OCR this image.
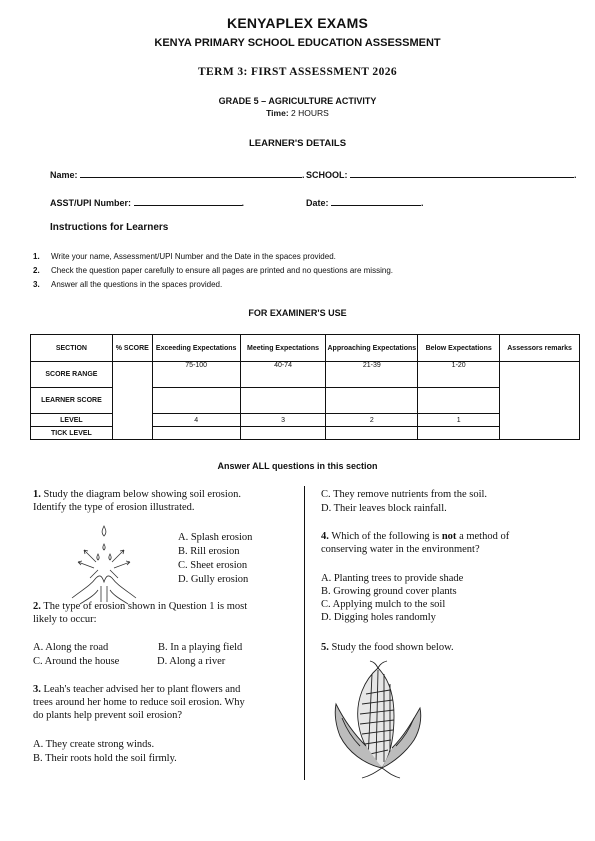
KENYAPLEX EXAMS
KENYA PRIMARY SCHOOL EDUCATION ASSESSMENT
TERM 3: FIRST ASSESSMENT 2026
GRADE 5 – AGRICULTURE ACTIVITY
Time: 2 HOURS
LEARNER'S DETAILS
Name:	. SCHOOL:	.
ASST/UPI Number:	.	Date:	.
Instructions for Learners
1. Write your name, Assessment/UPI Number and the Date in the spaces provided.
2. Check the question paper carefully to ensure all pages are printed and no questions are missing.
3. Answer all the questions in the spaces provided.
FOR EXAMINER'S USE
SECTION	% SCORE	Exceeding Expectations	Meeting Expectations	Approaching Expectations	Below Expectations	Assessors remarks
SCORE RANGE		75-100	40-74	21-39	1-20	
LEARNER SCORE						
LEVEL		4	3	2	1	
TICK LEVEL						
Answer ALL questions in this section
1. Study the diagram below showing soil erosion.
Identify the type of erosion illustrated.
A. Splash erosion
B. Rill erosion
C. Sheet erosion
D. Gully erosion
2. The type of erosion shown in Question 1 is most
likely to occur:
A. Along the road	B. In a playing field
C. Around the house	D. Along a river
3. Leah's teacher advised her to plant flowers and
trees around her home to reduce soil erosion. Why
do plants help prevent soil erosion?
A. They create strong winds.
B. Their roots hold the soil firmly.
C. They remove nutrients from the soil.
D. Their leaves block rainfall.
4. Which of the following is not a method of
conserving water in the environment?
A. Planting trees to provide shade
B. Growing ground cover plants
C. Applying mulch to the soil
D. Digging holes randomly
5. Study the food shown below.
